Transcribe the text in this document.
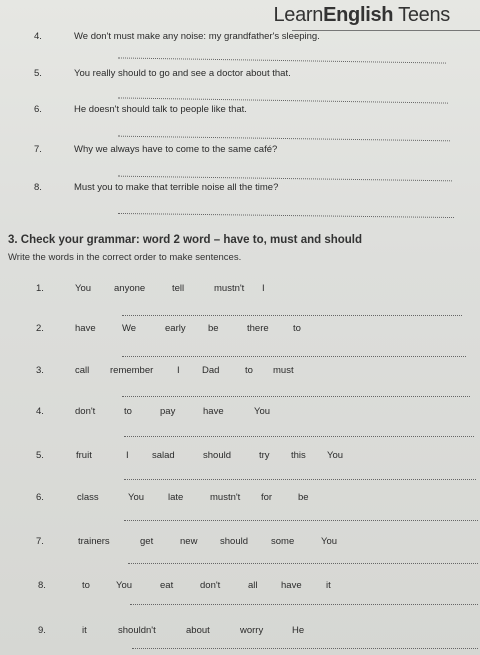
LearnEnglish Teens
4.	We don't must make any noise: my grandfather's sleeping.
5.	You really should to go and see a doctor about that.
6.	He doesn't should talk to people like that.
7.	Why we always have to come to the same café?
8.	Must you to make that terrible noise all the time?
3. Check your grammar: word 2 word – have to, must and should
Write the words in the correct order to make sentences.
1.	You anyone	tell	mustn't I
2.	have	We	early be	there	to
3.	call remember I Dad	to must
4.	don't	to	pay	have	You
5.	fruit	I salad	should	try this You
6.	class	You	late	mustn't for	be
7.	trainers	get	new should some	You
8.	to	You	eat	don't	all have	it
9.	it	shouldn't	about	worry	He
